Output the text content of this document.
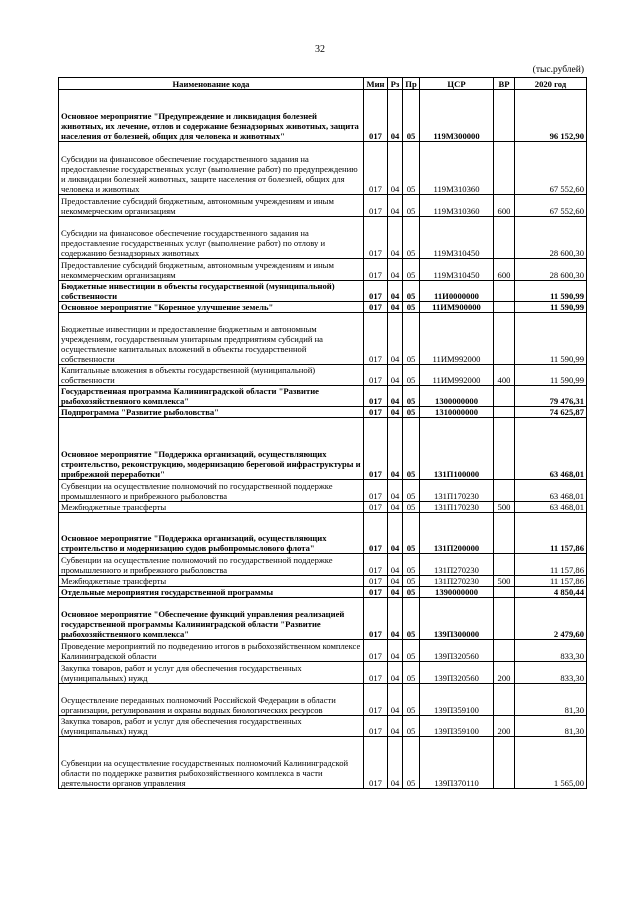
32
(тыс.рублей)
Наименование кода	Мин	Рз	Пр	ЦСР	ВР	2020 год
Основное мероприятие "Предупреждение и ликвидация болезней животных, их лечение, отлов и содержание безнадзорных животных, защита населения от болезней, общих для человека и животных"	017	04	05	119М300000		96 152,90
Субсидии на финансовое обеспечение государственного задания на предоставление государственных услуг (выполнение работ) по предупреждению и ликвидации болезней животных, защите населения от болезней, общих для человека и животных	017	04	05	119М310360		67 552,60
Предоставление субсидий бюджетным, автономным учреждениям и иным некоммерческим организациям	017	04	05	119М310360	600	67 552,60
Субсидии на финансовое обеспечение государственного задания на предоставление государственных услуг (выполнение работ) по отлову и содержанию безнадзорных животных	017	04	05	119М310450		28 600,30
Предоставление субсидий бюджетным, автономным учреждениям и иным некоммерческим организациям	017	04	05	119М310450	600	28 600,30
Бюджетные инвестиции в объекты государственной (муниципальной) собственности	017	04	05	11И0000000		11 590,99
Основное мероприятие "Коренное улучшение земель"	017	04	05	11ИМ900000		11 590,99
Бюджетные инвестиции и предоставление бюджетным и автономным учреждениям, государственным унитарным предприятиям субсидий на осуществление капитальных вложений в объекты государственной собственности	017	04	05	11ИМ992000		11 590,99
Капитальные вложения в объекты государственной (муниципальной) собственности	017	04	05	11ИМ992000	400	11 590,99
Государственная программа Калининградской области "Развитие рыбохозяйственного комплекса"	017	04	05	1300000000		79 476,31
Подпрограмма "Развитие рыболовства"	017	04	05	1310000000		74 625,87
Основное мероприятие "Поддержка организаций, осуществляющих строительство, реконструкцию, модернизацию береговой инфраструктуры и прибрежной переработки"	017	04	05	131П100000		63 468,01
Субвенции на осуществление полномочий по государственной поддержке промышленного и прибрежного рыболовства	017	04	05	131П170230		63 468,01
Межбюджетные трансферты	017	04	05	131П170230	500	63 468,01
Основное мероприятие "Поддержка организаций, осуществляющих строительство и модернизацию судов рыбопромыслового флота"	017	04	05	131П200000		11 157,86
Субвенции на осуществление полномочий по государственной поддержке промышленного и прибрежного рыболовства	017	04	05	131П270230		11 157,86
Межбюджетные трансферты	017	04	05	131П270230	500	11 157,86
Отдельные мероприятия государственной программы	017	04	05	1390000000		4 850,44
Основное мероприятие "Обеспечение функций управления реализацией государственной программы Калининградской области "Развитие рыбохозяйственного комплекса"	017	04	05	139П300000		2 479,60
Проведение мероприятий по подведению итогов в рыбохозяйственном комплексе Калининградской области	017	04	05	139П320560		833,30
Закупка товаров, работ и услуг для обеспечения государственных (муниципальных) нужд	017	04	05	139П320560	200	833,30
Осуществление переданных полномочий Российской Федерации в области организации, регулирования и охраны водных биологических ресурсов	017	04	05	139П359100		81,30
Закупка товаров, работ и услуг для обеспечения государственных (муниципальных) нужд	017	04	05	139П359100	200	81,30
Субвенции на осуществление государственных полномочий Калининградской области по поддержке развития рыбохозяйственного комплекса в части деятельности органов управления	017	04	05	139П370110		1 565,00
